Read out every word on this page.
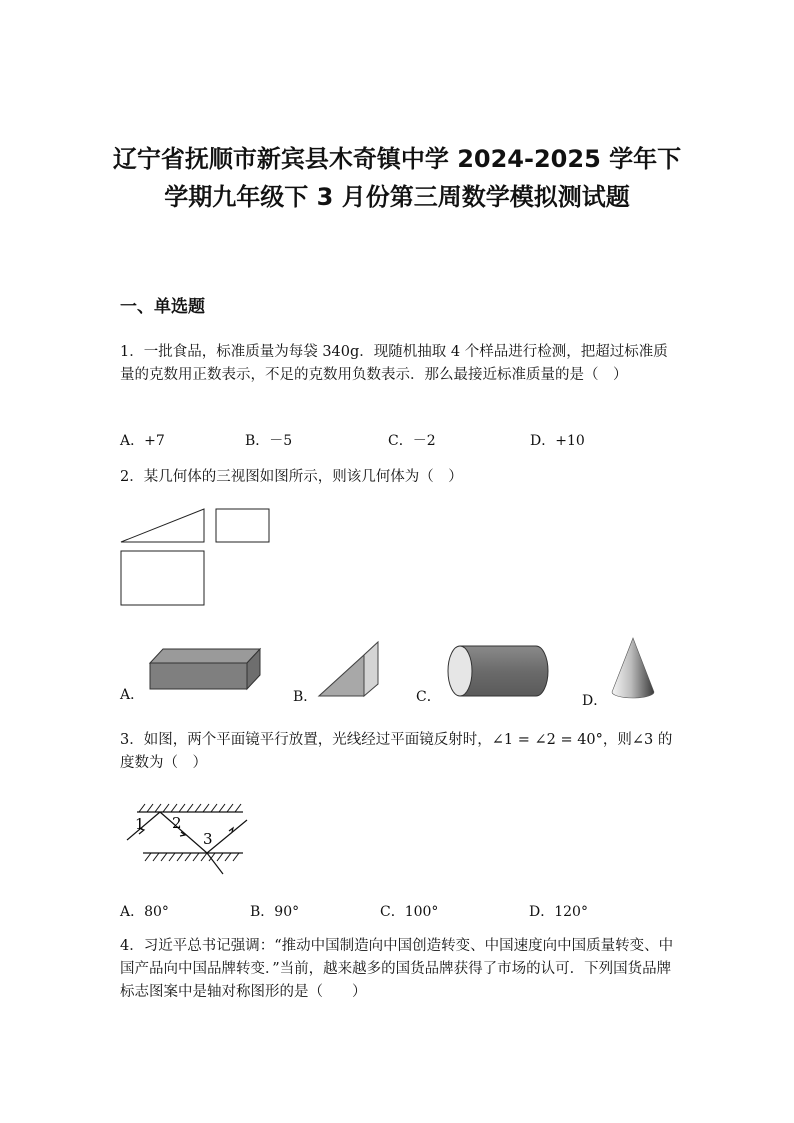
辽宁省抚顺市新宾县木奇镇中学 2024-2025 学年下
学期九年级下 3 月份第三周数学模拟测试题
一、单选题
1．一批食品，标准质量为每袋 340g．现随机抽取 4 个样品进行检测，把超过标准质量的克数用正数表示，不足的克数用负数表示．那么最接近标准质量的是（　）
A．+7	B．－5	C．－2	D．+10
2．某几何体的三视图如图所示，则该几何体为（　）
A．	B．	C．	D．
3．如图，两个平面镜平行放置，光线经过平面镜反射时，∠1 = ∠2 = 40°，则∠3 的度数为（　）
1 2
3
A．80°	B．90°	C．100°	D．120°
4．习近平总书记强调：“推动中国制造向中国创造转变、中国速度向中国质量转变、中国产品向中国品牌转变．”当前，越来越多的国货品牌获得了市场的认可．下列国货品牌标志图案中是轴对称图形的是（　　）
